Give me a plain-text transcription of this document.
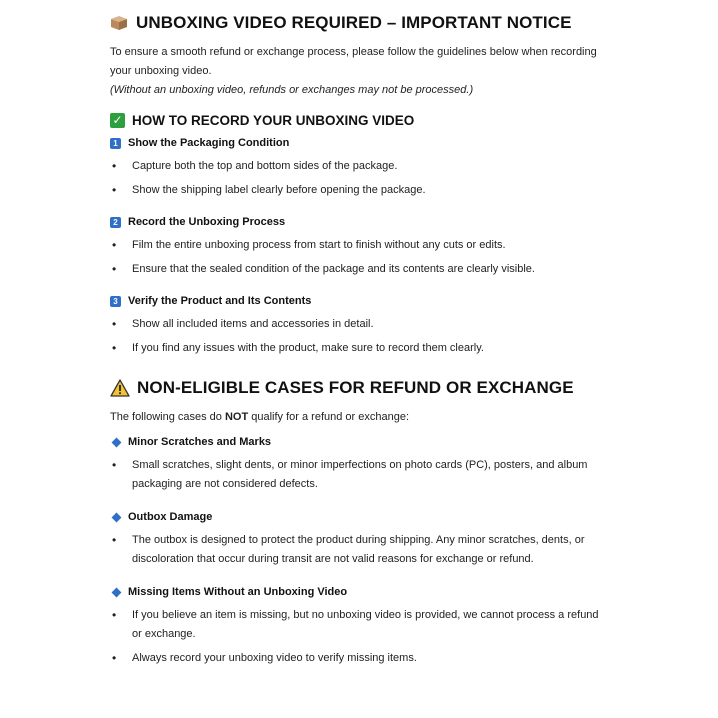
UNBOXING VIDEO REQUIRED – IMPORTANT NOTICE
To ensure a smooth refund or exchange process, please follow the guidelines below when recording your unboxing video.
(Without an unboxing video, refunds or exchanges may not be processed.)
✓ HOW TO RECORD YOUR UNBOXING VIDEO
1 Show the Packaging Condition
• Capture both the top and bottom sides of the package.
• Show the shipping label clearly before opening the package.
2 Record the Unboxing Process
• Film the entire unboxing process from start to finish without any cuts or edits.
• Ensure that the sealed condition of the package and its contents are clearly visible.
3 Verify the Product and Its Contents
• Show all included items and accessories in detail.
• If you find any issues with the product, make sure to record them clearly.
NON-ELIGIBLE CASES FOR REFUND OR EXCHANGE
The following cases do NOT qualify for a refund or exchange:
Minor Scratches and Marks
• Small scratches, slight dents, or minor imperfections on photo cards (PC), posters, and album packaging are not considered defects.
Outbox Damage
• The outbox is designed to protect the product during shipping. Any minor scratches, dents, or discoloration that occur during transit are not valid reasons for exchange or refund.
Missing Items Without an Unboxing Video
• If you believe an item is missing, but no unboxing video is provided, we cannot process a refund or exchange.
• Always record your unboxing video to verify missing items.
